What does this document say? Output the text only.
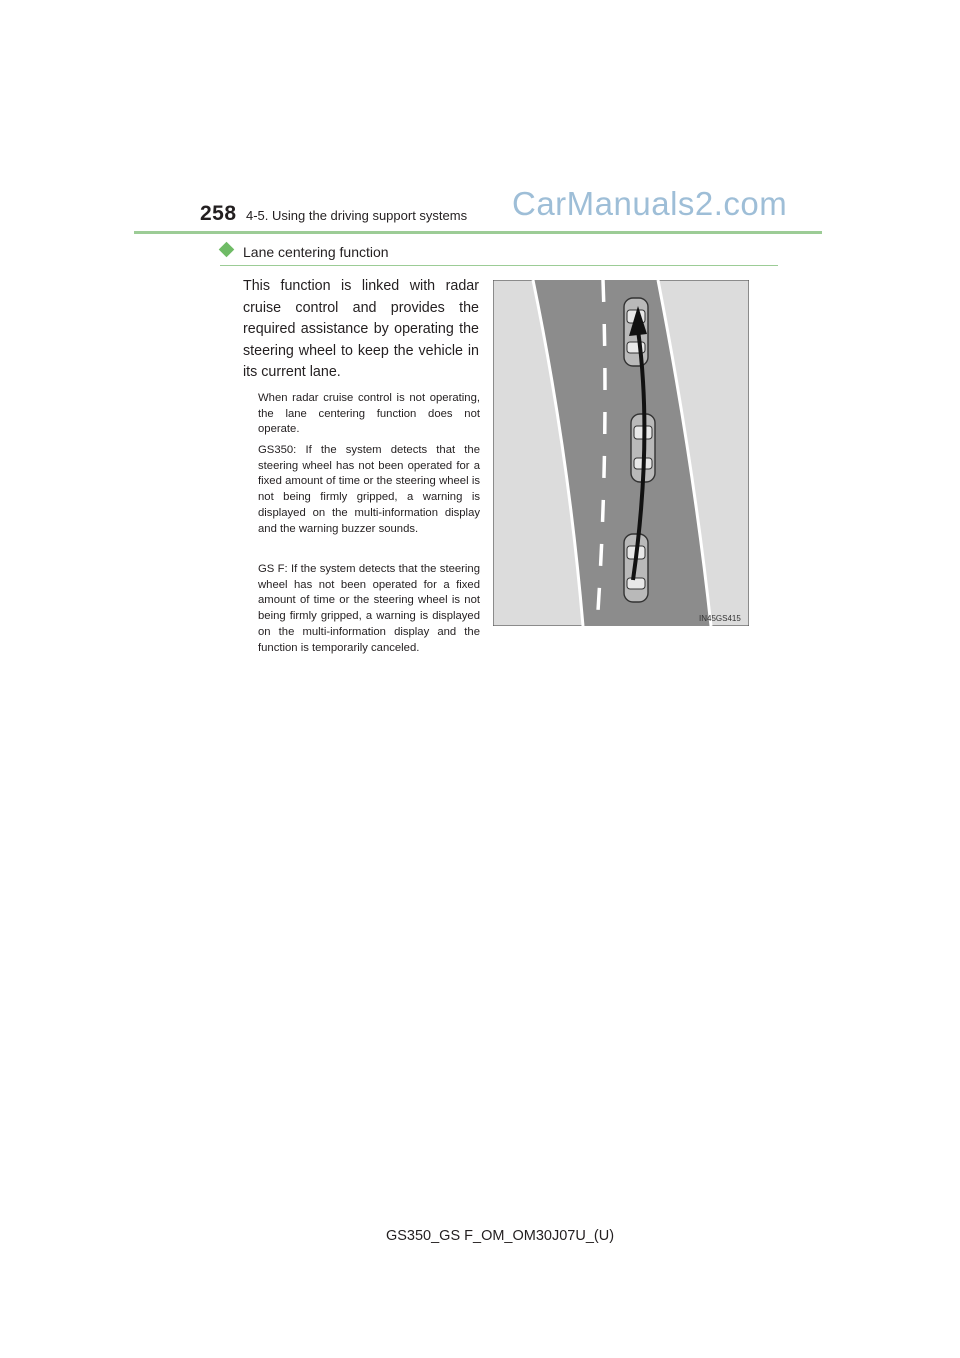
258 4-5. Using the driving support systems CarManuals2.com
Lane centering function
This function is linked with radar cruise control and provides the required assistance by operating the steering wheel to keep the vehicle in its current lane.
When radar cruise control is not operating, the lane centering function does not operate.
GS350: If the system detects that the steering wheel has not been operated for a fixed amount of time or the steering wheel is not being firmly gripped, a warning is displayed on the multi-information display and the warning buzzer sounds.
GS F: If the system detects that the steering wheel has not been operated for a fixed amount of time or the steering wheel is not being firmly gripped, a warning is displayed on the multi-information display and the function is temporarily canceled.
IN45GS415
GS350_GS F_OM_OM30J07U_(U)
